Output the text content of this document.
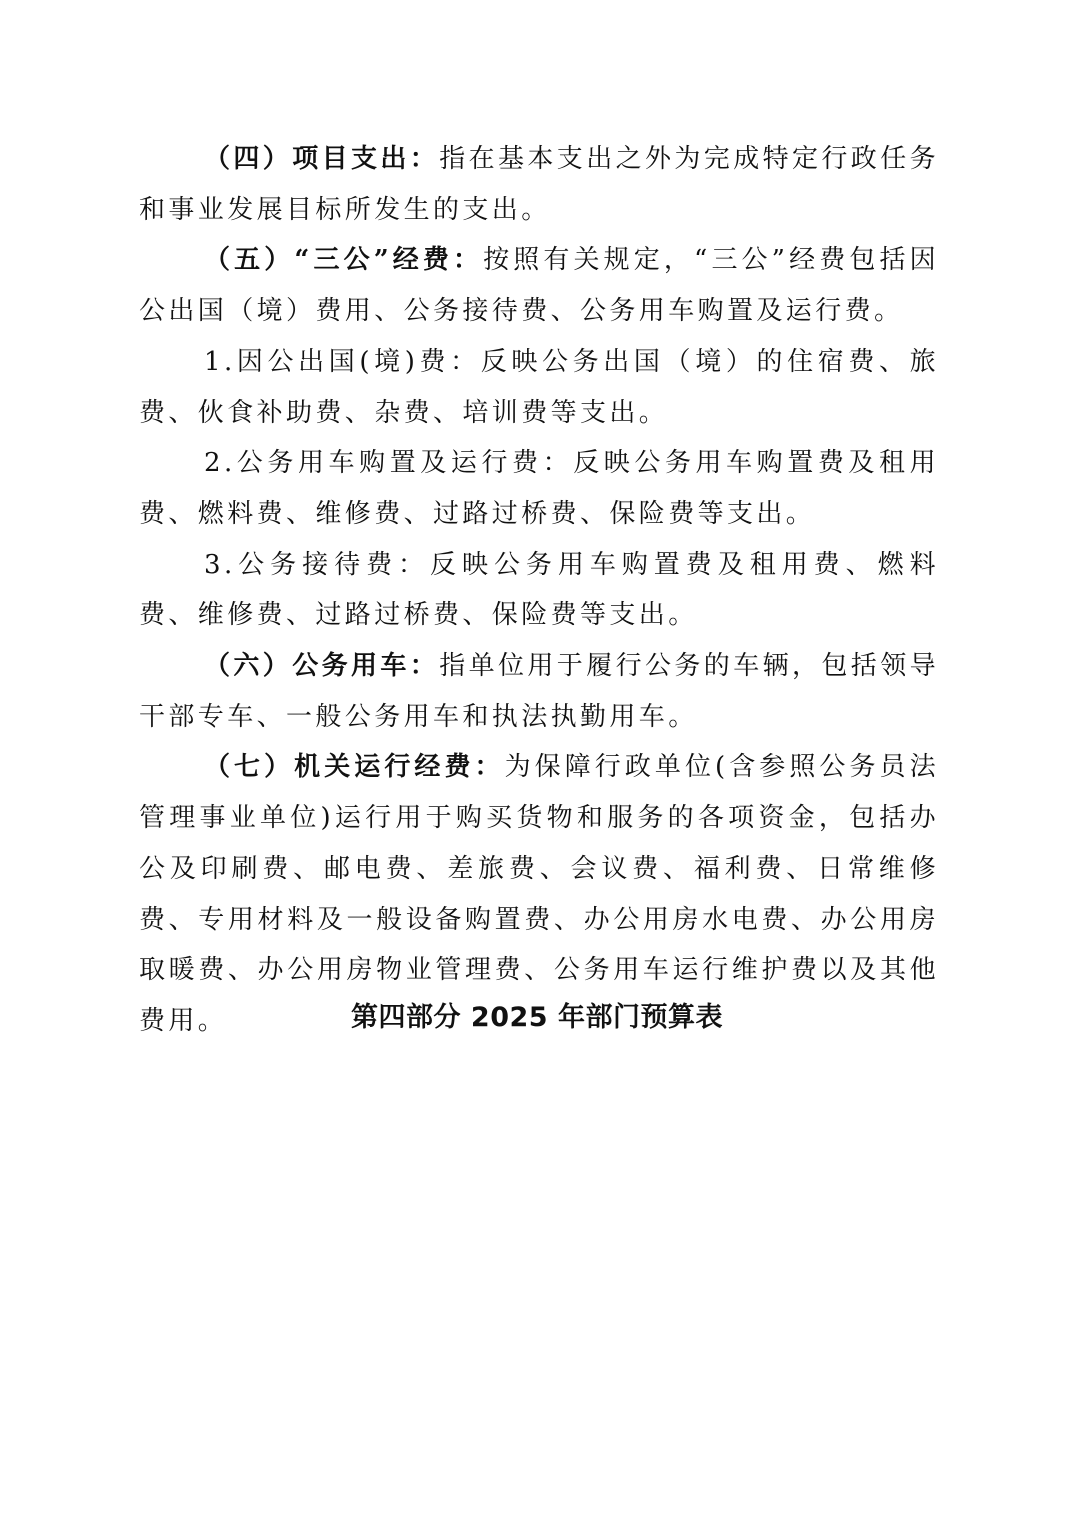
（四）项目支出：指在基本支出之外为完成特定行政任务和事业发展目标所发生的支出。

（五）“三公”经费：按照有关规定，“三公”经费包括因公出国（境）费用、公务接待费、公务用车购置及运行费。

1.因公出国(境)费：反映公务出国（境）的住宿费、旅费、伙食补助费、杂费、培训费等支出。

2.公务用车购置及运行费：反映公务用车购置费及租用费、燃料费、维修费、过路过桥费、保险费等支出。

3.公务接待费：反映公务用车购置费及租用费、燃料费、维修费、过路过桥费、保险费等支出。

（六）公务用车：指单位用于履行公务的车辆，包括领导干部专车、一般公务用车和执法执勤用车。

（七）机关运行经费：为保障行政单位(含参照公务员法管理事业单位)运行用于购买货物和服务的各项资金，包括办公及印刷费、邮电费、差旅费、会议费、福利费、日常维修费、专用材料及一般设备购置费、办公用房水电费、办公用房取暖费、办公用房物业管理费、公务用车运行维护费以及其他费用。	第四部分 2025 年部门预算表
